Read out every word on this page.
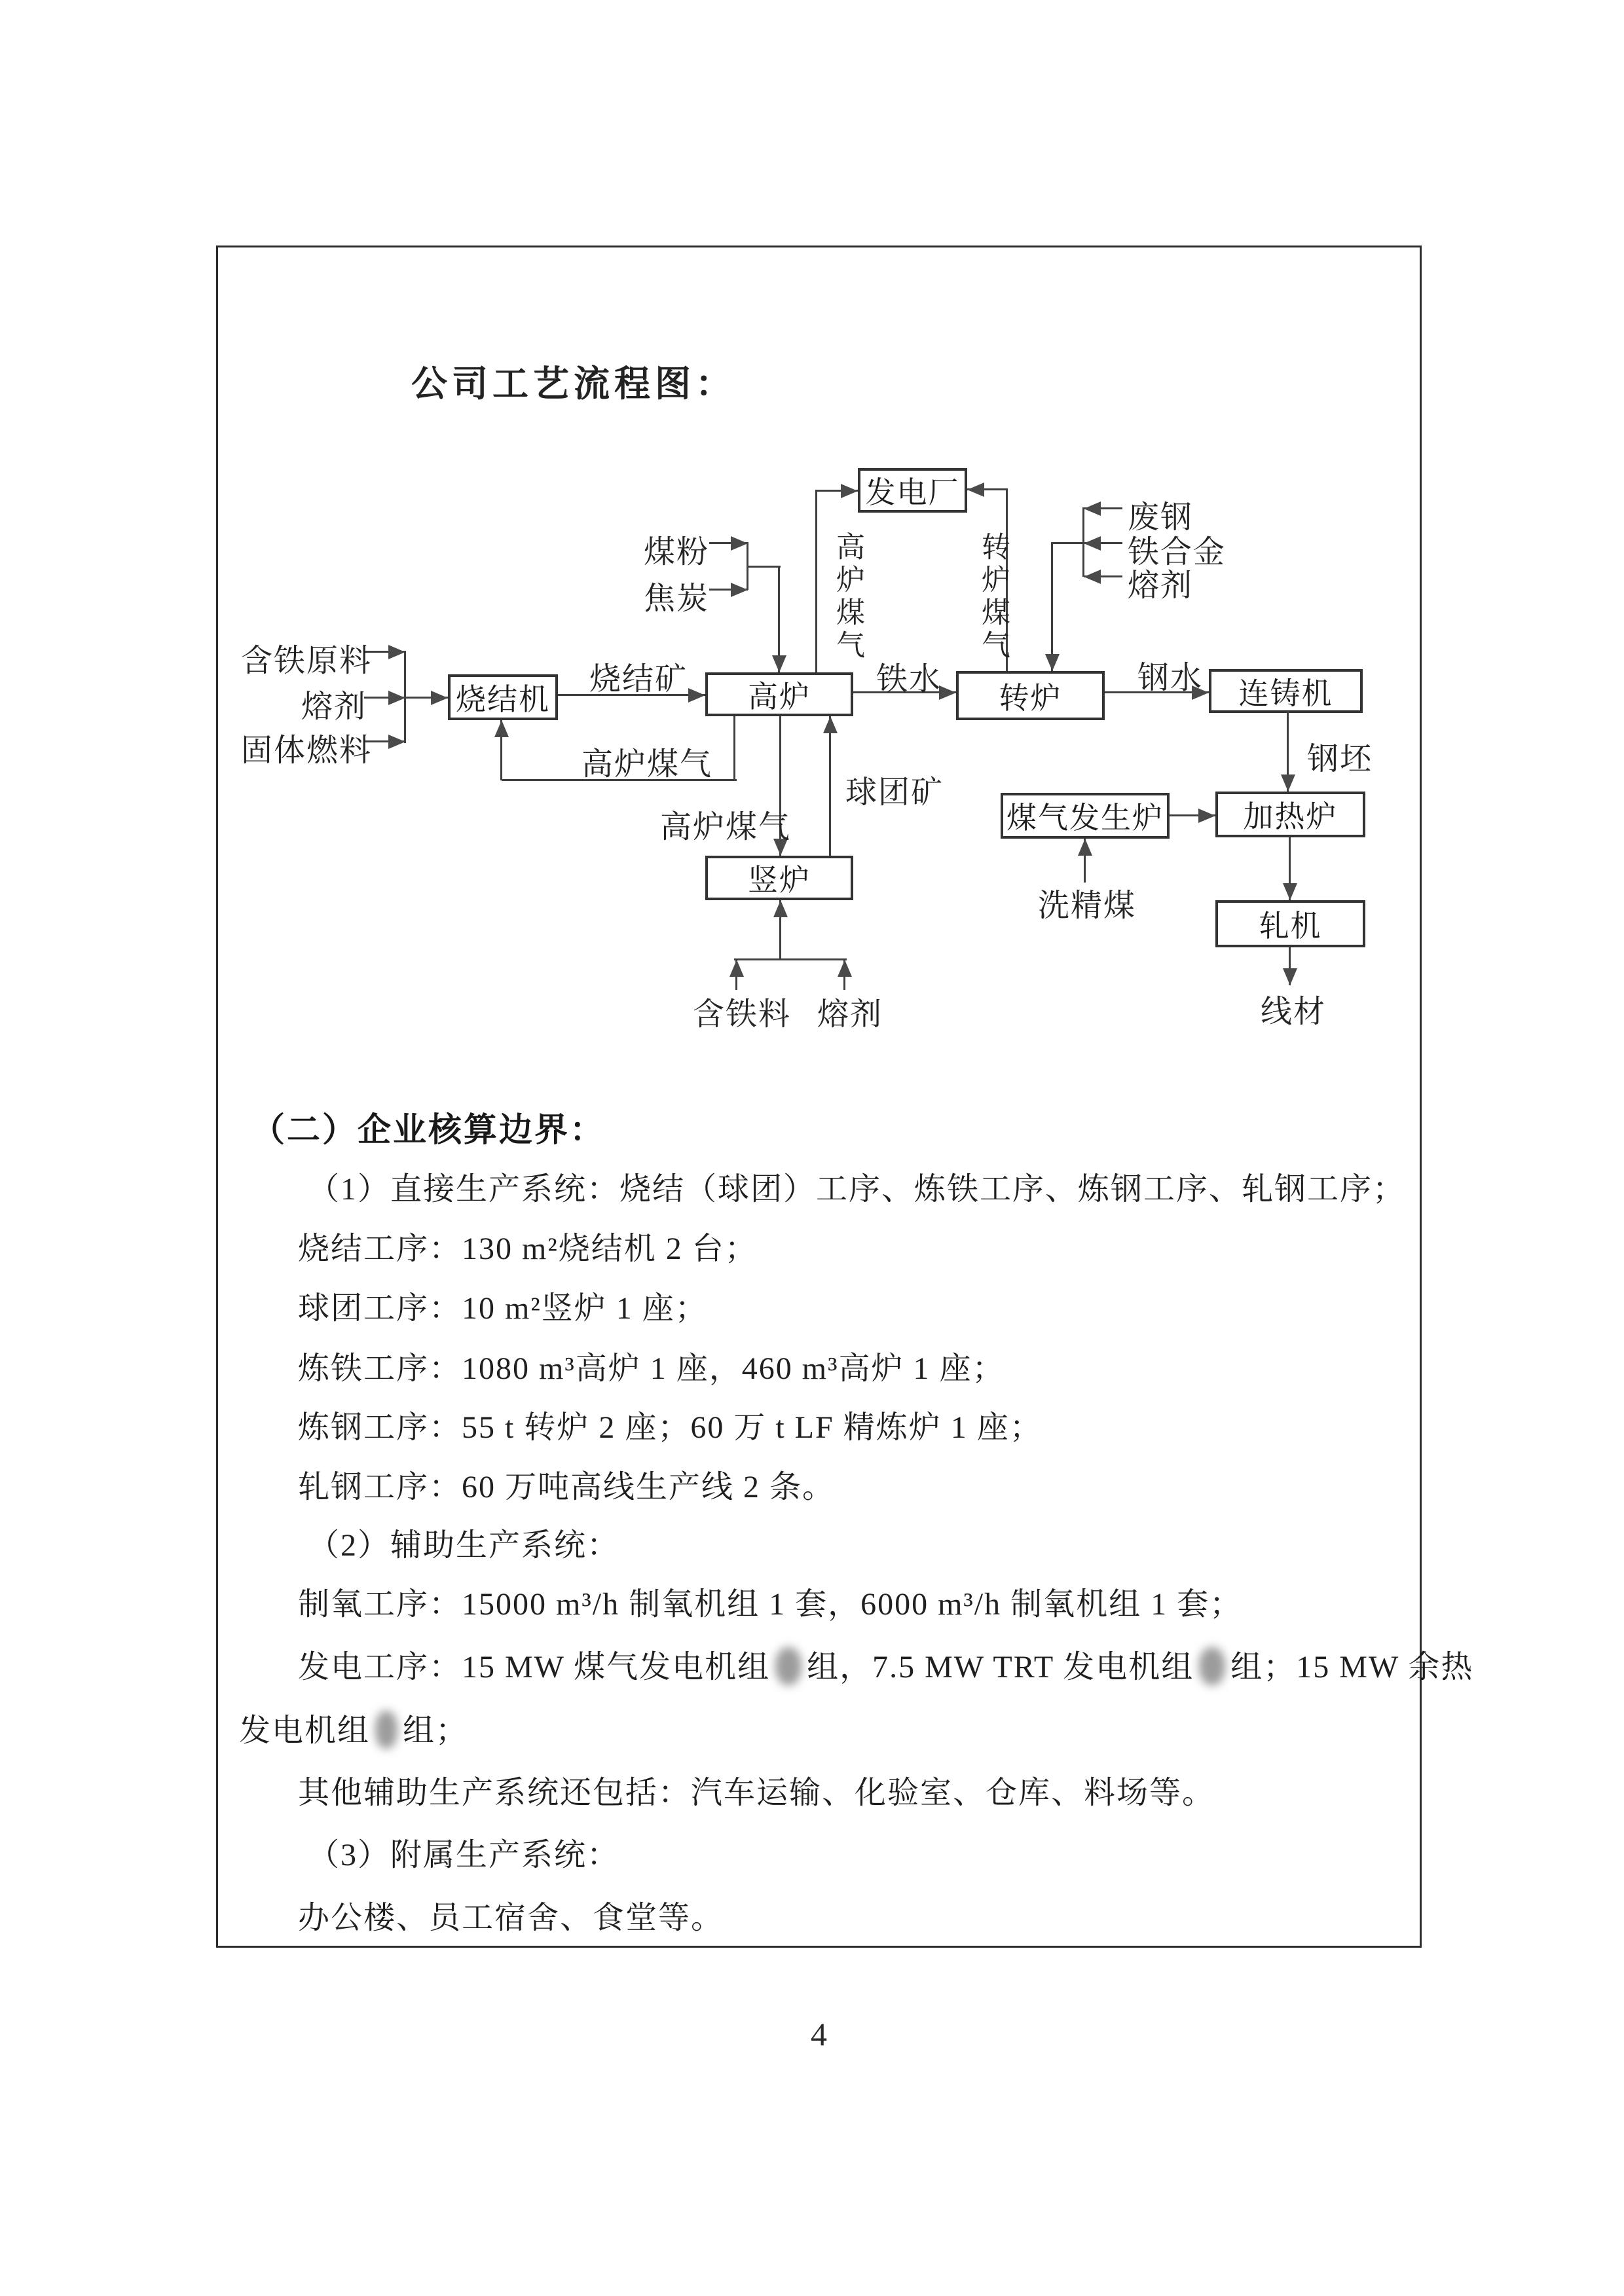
公司工艺流程图：
发电厂
烧结机	高炉	转炉	连铸机
煤气发生炉	加热炉
轧机
竖炉
煤粉
焦炭
含铁原料
熔剂
固体燃料
烧结矿
高炉煤气	转炉煤气
废钢
铁合金
熔剂
铁水	钢水
钢坯
高炉煤气
高炉煤气
球团矿
洗精煤
含铁料 熔剂	线材
（二）企业核算边界：
（1）直接生产系统：烧结（球团）工序、炼铁工序、炼钢工序、轧钢工序；
烧结工序：130 m²烧结机 2 台；
球团工序：10 m²竖炉 1 座；
炼铁工序：1080 m³高炉 1 座，460 m³高炉 1 座；
炼钢工序：55 t 转炉 2 座；60 万 t LF 精炼炉 1 座；
轧钢工序：60 万吨高线生产线 2 条。
（2）辅助生产系统：
制氧工序：15000 m³/h 制氧机组 1 套，6000 m³/h 制氧机组 1 套；
发电工序：15 MW 煤气发电机组 组，7.5 MW TRT 发电机组 组；15 MW 余热
发电机组 组；
其他辅助生产系统还包括：汽车运输、化验室、仓库、料场等。
（3）附属生产系统：
办公楼、员工宿舍、食堂等。
4
